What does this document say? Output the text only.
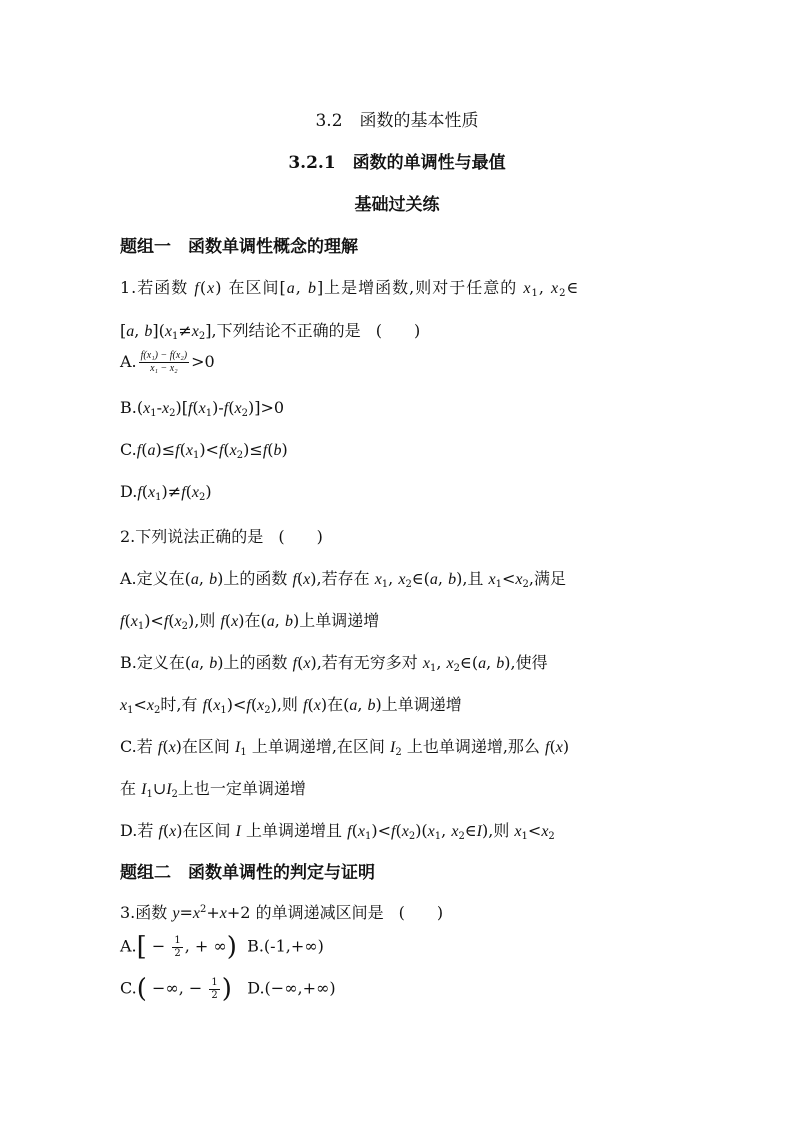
3.2　函数的基本性质
3.2.1　函数的单调性与最值
基础过关练
题组一　函数单调性概念的理解
1.若函数 f(x) 在区间[a, b]上是增函数,则对于任意的 $x_1$, $x_2\in$
[a, $b](x_1\ne x_2]$,下列结论不正确的是 (　　)
A. $\frac{\text{f(x₁) − f(x₂)}}{\text{x₁ − x₂}} >0$
$B.(x_1-x_2)[f(x_1)-f(x_2)]>0$
$C.f(a)\le f(x_1)<f(x_2)\le f(b)$
$D.f(x_1)\ne f(x_2)$
2.下列说法正确的是 (　　)
A.定义在(a, b)上的函数 f(x),若存在 $x_1$, $x_2\in(a$, b),且 $x_1<x_2$,满足
$f(x_1)<f(x_2)$,则 f(x)在(a, b)上单调递增
B.定义在(a, b)上的函数 f(x),若有无穷多对 $x_1$, $x_2\in(a$, b),使得
$x_1<x_2$时,有 $f(x_1)<f(x_2)$,则 f(x)在(a, b)上单调递增
C.若 f(x)在区间 $I_1$ 上单调递增,在区间 $I_2$ 上也单调递增,那么 f(x)
在 $I_1\cup I_2$上也一定单调递增
D.若 f(x)在区间 I 上单调递增且 $f(x_1)<f(x_2)(x_1$, $x_2\in I$),则 $x_1<x_2$
题组二　函数单调性的判定与证明
3.函数 $y=x^2+x+2$ 的单调递减区间是 (　　)
$A.[ - \frac{1}{2}$ , + ∞) B.(-1,+∞)
C.( −∞, − $\frac{1}{2}$ ) D.(−∞,+∞)
